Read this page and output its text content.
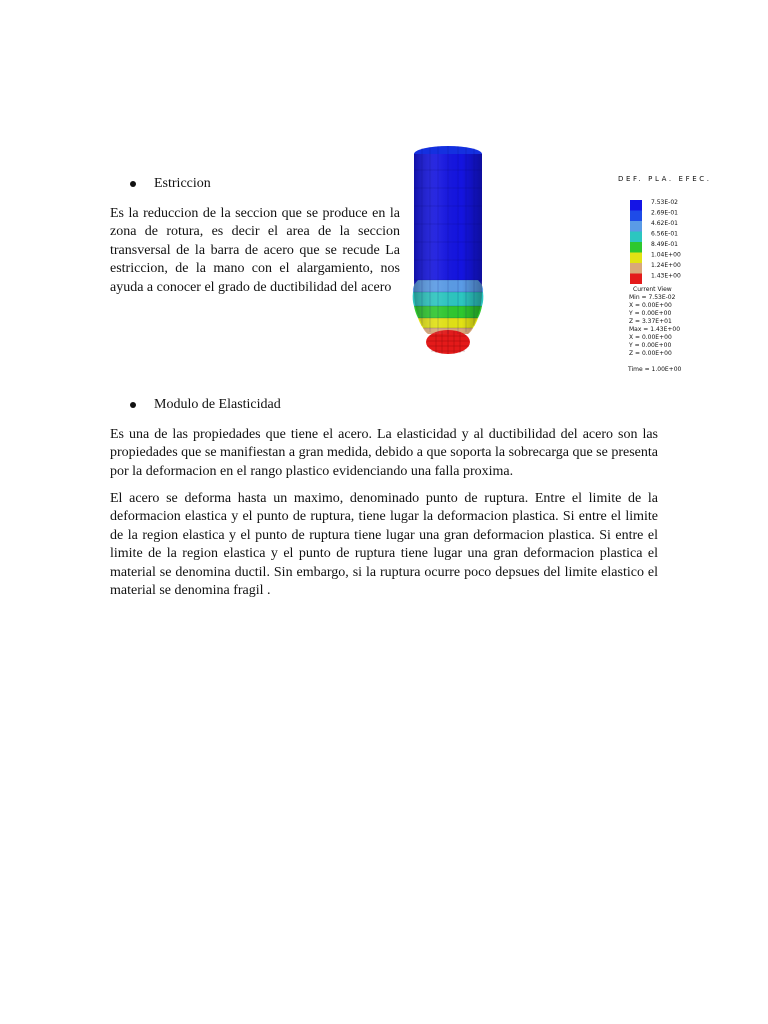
Estriccion

Es la reduccion de la seccion que se produce en la zona de rotura, es decir el area de la seccion transversal de la barra de acero que se recude La estriccion, de la mano con el alargamiento, nos ayuda a conocer el grado de ductibilidad del acero

DEF. PLA. EFEC.
7.53E-02
2.69E-01
4.62E-01
6.56E-01
8.49E-01
1.04E+00
1.24E+00
1.43E+00
Current View
Min = 7.53E-02
X = 0.00E+00
Y = 0.00E+00
Z = 3.37E+01
Max = 1.43E+00
X = 0.00E+00
Y = 0.00E+00
Z = 0.00E+00
Time = 1.00E+00
Modulo de Elasticidad

Es una de las propiedades que tiene el acero. La elasticidad y al ductibilidad del acero son las propiedades que se manifiestan a gran medida, debido a que soporta la sobrecarga que se presenta por la deformacion en el rango plastico evidenciando una falla proxima.

El acero se deforma hasta un maximo, denominado punto de ruptura. Entre el limite de la deformacion elastica y el punto de ruptura, tiene lugar la deformacion plastica. Si entre el limite de la region elastica y el punto de ruptura tiene lugar una gran deformacion plastica. Si entre el limite de la region elastica y el punto de ruptura tiene lugar una gran deformacion plastica el material se denomina ductil. Sin embargo, si la ruptura ocurre poco depsues del limite elastico el material se denomina fragil .
